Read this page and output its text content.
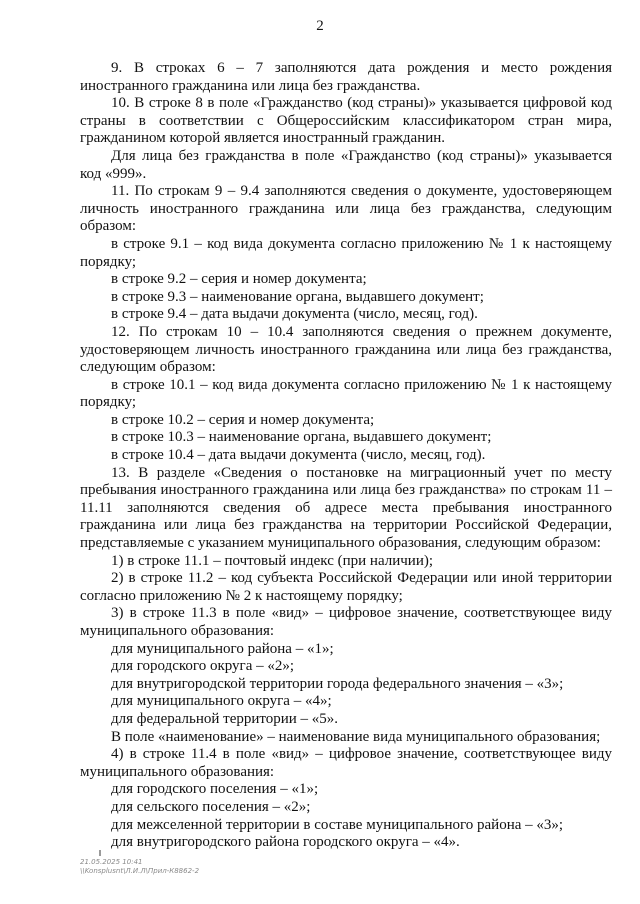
2

9. В строках 6 – 7 заполняются дата рождения и место рождения иностранного гражданина или лица без гражданства.

10. В строке 8 в поле «Гражданство (код страны)» указывается цифровой код страны в соответствии с Общероссийским классификатором стран мира, гражданином которой является иностранный гражданин.

Для лица без гражданства в поле «Гражданство (код страны)» указывается код «999».

11. По строкам 9 – 9.4 заполняются сведения о документе, удостоверяющем личность иностранного гражданина или лица без гражданства, следующим образом:

в строке 9.1 – код вида документа согласно приложению № 1 к настоящему порядку;

в строке 9.2 – серия и номер документа;

в строке 9.3 – наименование органа, выдавшего документ;

в строке 9.4 – дата выдачи документа (число, месяц, год).

12. По строкам 10 – 10.4 заполняются сведения о прежнем документе, удостоверяющем личность иностранного гражданина или лица без гражданства, следующим образом:

в строке 10.1 – код вида документа согласно приложению № 1 к настоящему порядку;

в строке 10.2 – серия и номер документа;

в строке 10.3 – наименование органа, выдавшего документ;

в строке 10.4 – дата выдачи документа (число, месяц, год).

13. В разделе «Сведения о постановке на миграционный учет по месту пребывания иностранного гражданина или лица без гражданства» по строкам 11 – 11.11 заполняются сведения об адресе места пребывания иностранного гражданина или лица без гражданства на территории Российской Федерации, представляемые с указанием муниципального образования, следующим образом:

1) в строке 11.1 – почтовый индекс (при наличии);

2) в строке 11.2 – код субъекта Российской Федерации или иной территории согласно приложению № 2 к настоящему порядку;

3) в строке 11.3 в поле «вид» – цифровое значение, соответствующее виду муниципального образования:

для муниципального района – «1»;

для городского округа – «2»;

для внутригородской территории города федерального значения – «3»;

для муниципального округа – «4»;

для федеральной территории – «5».

В поле «наименование» – наименование вида муниципального образования;

4) в строке 11.4 в поле «вид» – цифровое значение, соответствующее виду муниципального образования:

для городского поселения – «1»;

для сельского поселения – «2»;

для межселенной территории в составе муниципального района – «3»;

для внутригородского района городского округа – «4».

21.05.2025 10:41
\\Konsplusnt\Л.И.Л\Прил-К8862-2
